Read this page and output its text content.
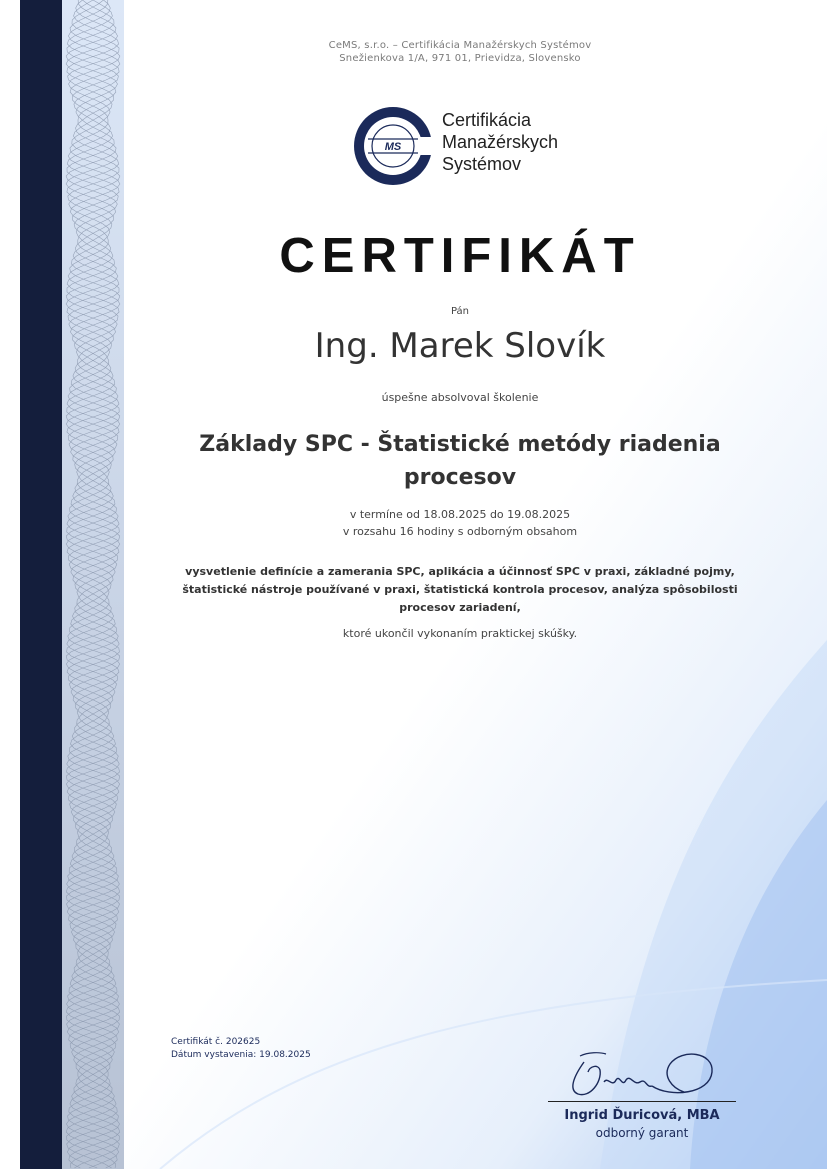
CeMS, s.r.o. – Certifikácia Manažérskych Systémov
Snežienkova 1/A, 971 01, Prievidza, Slovensko
MS
Certifikácia
Manažérskych
Systémov
CERTIFIKÁT
Pán
Ing. Marek Slovík
úspešne absolvoval školenie
Základy SPC - Štatistické metódy riadenia procesov
v termíne od 18.08.2025 do 19.08.2025
v rozsahu 16 hodiny s odborným obsahom
vysvetlenie definície a zamerania SPC, aplikácia a účinnosť SPC v praxi, základné pojmy, štatistické nástroje používané v praxi, štatistická kontrola procesov, analýza spôsobilosti procesov zariadení,
ktoré ukončil vykonaním praktickej skúšky.
Certifikát č. 202625
Dátum vystavenia: 19.08.2025
Ingrid Ďuricová, MBA
odborný garant
